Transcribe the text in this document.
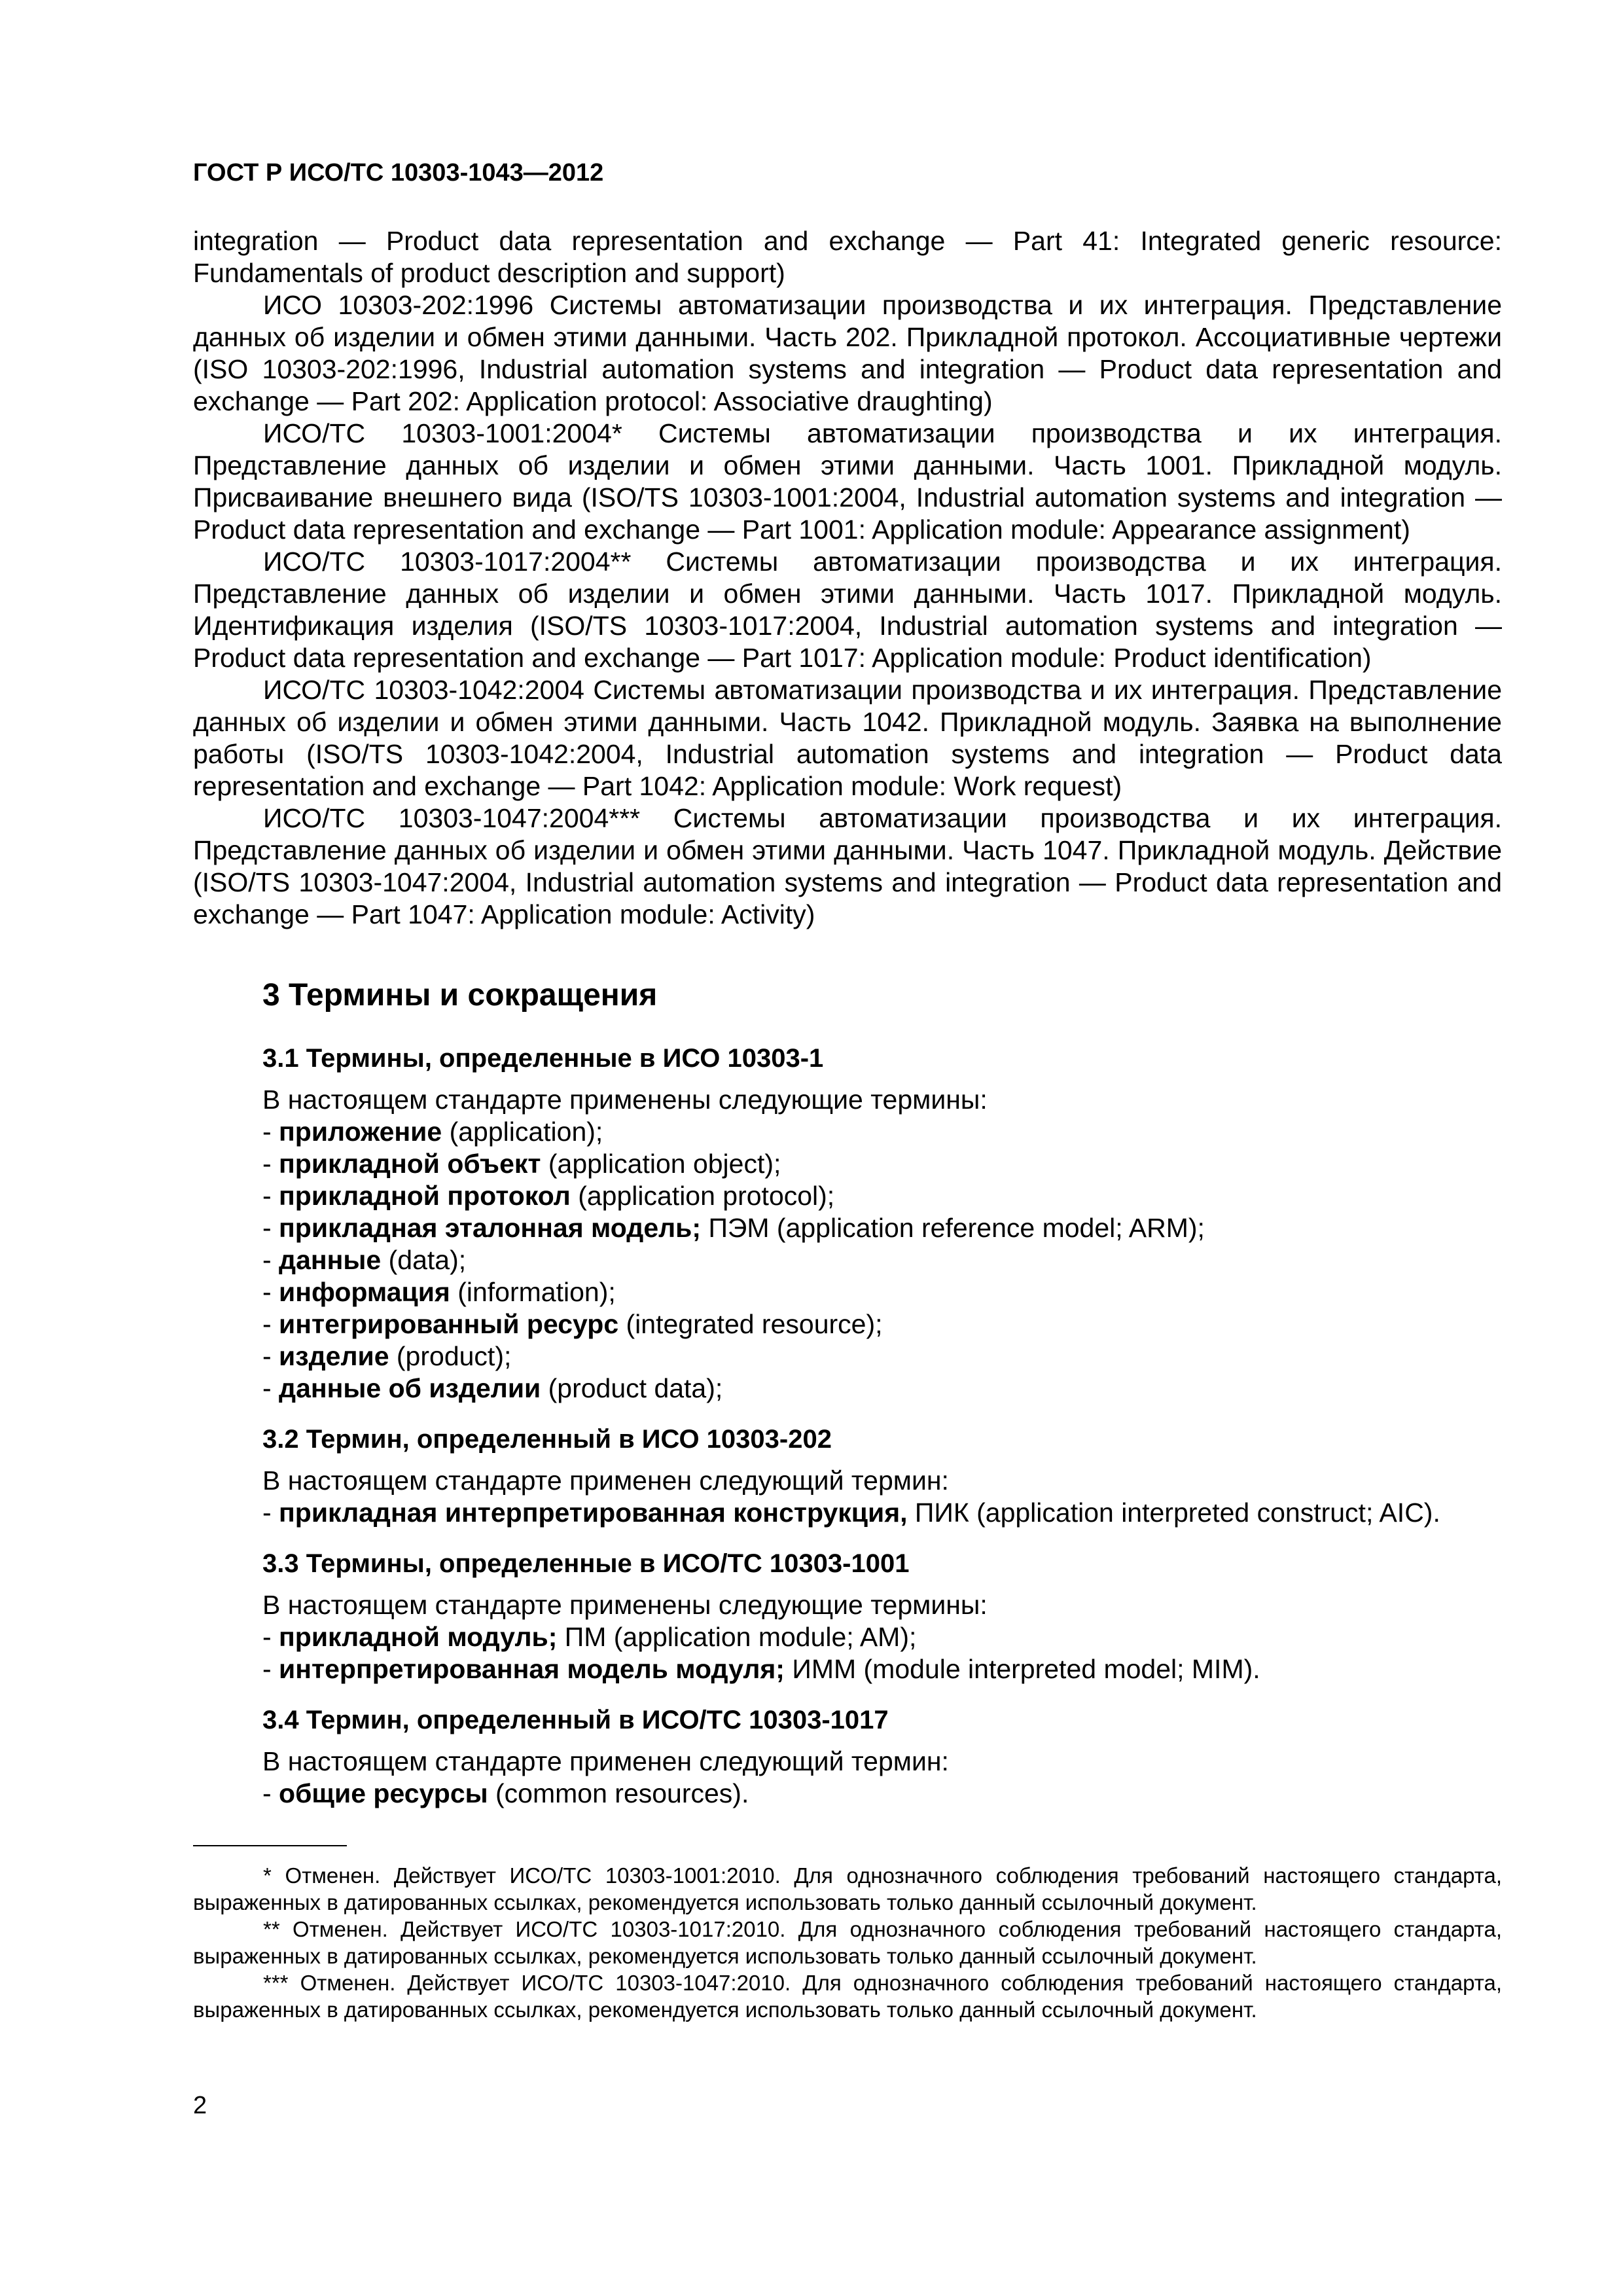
ГОСТ Р ИСО/ТС 10303-1043—2012

integration — Product data representation and exchange — Part 41: Integrated generic resource: Fundamentals of product description and support)

ИСО 10303-202:1996 Системы автоматизации производства и их интеграция. Представление данных об изделии и обмен этими данными. Часть 202. Прикладной протокол. Ассоциативные чертежи (ISO 10303-202:1996, Industrial automation systems and integration — Product data representation and exchange — Part 202: Application protocol: Associative draughting)

ИСО/ТС 10303-1001:2004* Системы автоматизации производства и их интеграция. Представление данных об изделии и обмен этими данными. Часть 1001. Прикладной модуль. Присваивание внешнего вида (ISO/TS 10303-1001:2004, Industrial automation systems and integration — Product data representation and exchange — Part 1001: Application module: Appearance assignment)

ИСО/ТС 10303-1017:2004** Системы автоматизации производства и их интеграция. Представление данных об изделии и обмен этими данными. Часть 1017. Прикладной модуль. Идентификация изделия (ISO/TS 10303-1017:2004, Industrial automation systems and integration — Product data representation and exchange — Part 1017: Application module: Product identification)

ИСО/ТС 10303-1042:2004 Системы автоматизации производства и их интеграция. Представление данных об изделии и обмен этими данными. Часть 1042. Прикладной модуль. Заявка на выполнение работы (ISO/TS 10303-1042:2004, Industrial automation systems and integration — Product data representation and exchange — Part 1042: Application module: Work request)

ИСО/ТС 10303-1047:2004*** Системы автоматизации производства и их интеграция. Представление данных об изделии и обмен этими данными. Часть 1047. Прикладной модуль. Действие (ISO/TS 10303-1047:2004, Industrial automation systems and integration — Product data representation and exchange — Part 1047: Application module: Activity)

3 Термины и сокращения
3.1 Термины, определенные в ИСО 10303-1
В настоящем стандарте применены следующие термины:
- приложение (application);
- прикладной объект (application object);
- прикладной протокол (application protocol);
- прикладная эталонная модель; ПЭМ (application reference model; ARM);
- данные (data);
- информация (information);
- интегрированный ресурс (integrated resource);
- изделие (product);
- данные об изделии (product data);
3.2 Термин, определенный в ИСО 10303-202
В настоящем стандарте применен следующий термин:
- прикладная интерпретированная конструкция, ПИК (application interpreted construct; AIC).
3.3 Термины, определенные в ИСО/ТС 10303-1001
В настоящем стандарте применены следующие термины:
- прикладной модуль; ПМ (application module; AM);
- интерпретированная модель модуля; ИММ (module interpreted model; MIM).
3.4 Термин, определенный в ИСО/ТС 10303-1017
В настоящем стандарте применен следующий термин:
- общие ресурсы (common resources).

* Отменен. Действует ИСО/ТС 10303-1001:2010. Для однозначного соблюдения требований настоящего стандарта, выраженных в датированных ссылках, рекомендуется использовать только данный ссылочный документ.

** Отменен. Действует ИСО/ТС 10303-1017:2010. Для однозначного соблюдения требований настоящего стандарта, выраженных в датированных ссылках, рекомендуется использовать только данный ссылочный документ.

*** Отменен. Действует ИСО/ТС 10303-1047:2010. Для однозначного соблюдения требований настоящего стандарта, выраженных в датированных ссылках, рекомендуется использовать только данный ссылочный документ.

2
